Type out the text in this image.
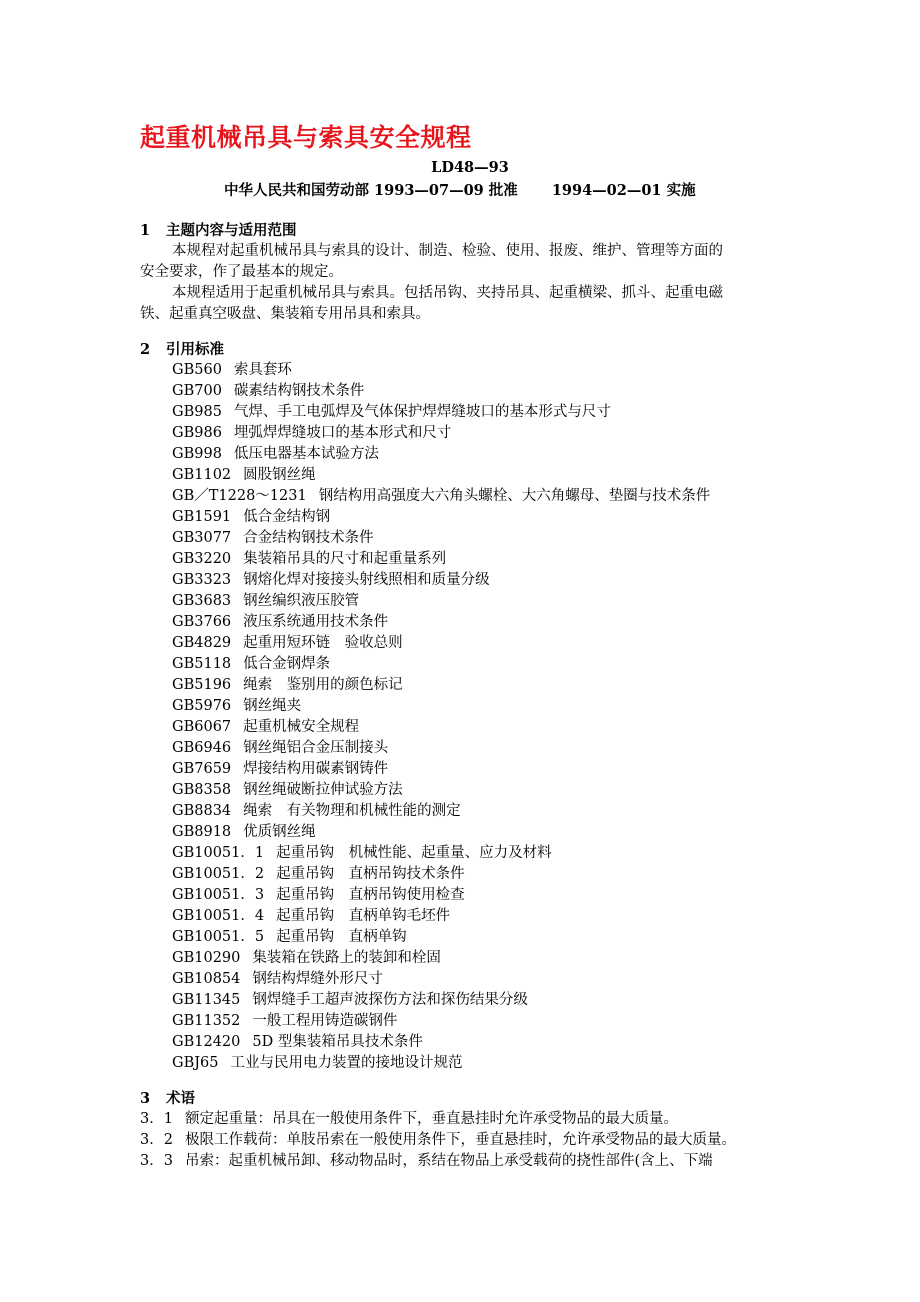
起重机械吊具与索具安全规程
LD48—93
中华人民共和国劳动部 1993—07—09 批准 1994—02—01 实施
1 主题内容与适用范围
本规程对起重机械吊具与索具的设计、制造、检验、使用、报废、维护、管理等方面的
安全要求，作了最基本的规定。
本规程适用于起重机械吊具与索具。包括吊钩、夹持吊具、起重横梁、抓斗、起重电磁
铁、起重真空吸盘、集装箱专用吊具和索具。
2 引用标准
GB560 索具套环
GB700 碳素结构钢技术条件
GB985 气焊、手工电弧焊及气体保护焊焊缝坡口的基本形式与尺寸
GB986 埋弧焊焊缝坡口的基本形式和尺寸
GB998 低压电器基本试验方法
GB1102 圆股钢丝绳
GB／T1228～1231 钢结构用高强度大六角头螺栓、大六角螺母、垫圈与技术条件
GB1591 低合金结构钢
GB3077 合金结构钢技术条件
GB3220 集装箱吊具的尺寸和起重量系列
GB3323 钢熔化焊对接接头射线照相和质量分级
GB3683 钢丝编织液压胶管
GB3766 液压系统通用技术条件
GB4829 起重用短环链　验收总则
GB5118 低合金钢焊条
GB5196 绳索　鉴别用的颜色标记
GB5976 钢丝绳夹
GB6067 起重机械安全规程
GB6946 钢丝绳铝合金压制接头
GB7659 焊接结构用碳素钢铸件
GB8358 钢丝绳破断拉伸试验方法
GB8834 绳索　有关物理和机械性能的测定
GB8918 优质钢丝绳
GB10051．1 起重吊钩　机械性能、起重量、应力及材料
GB10051．2 起重吊钩　直柄吊钩技术条件
GB10051．3 起重吊钩　直柄吊钩使用检查
GB10051．4 起重吊钩　直柄单钩毛坯件
GB10051．5 起重吊钩　直柄单钩
GB10290 集装箱在铁路上的装卸和栓固
GB10854 钢结构焊缝外形尺寸
GB11345 钢焊缝手工超声波探伤方法和探伤结果分级
GB11352 一般工程用铸造碳钢件
GB12420 5D 型集装箱吊具技术条件
GBJ65 工业与民用电力装置的接地设计规范
3 术语
3．1 额定起重量：吊具在一般使用条件下，垂直悬挂时允许承受物品的最大质量。
3．2 极限工作载荷：单肢吊索在一般使用条件下，垂直悬挂时，允许承受物品的最大质量。
3．3 吊索：起重机械吊卸、移动物品时，系结在物品上承受载荷的挠性部件(含上、下端
